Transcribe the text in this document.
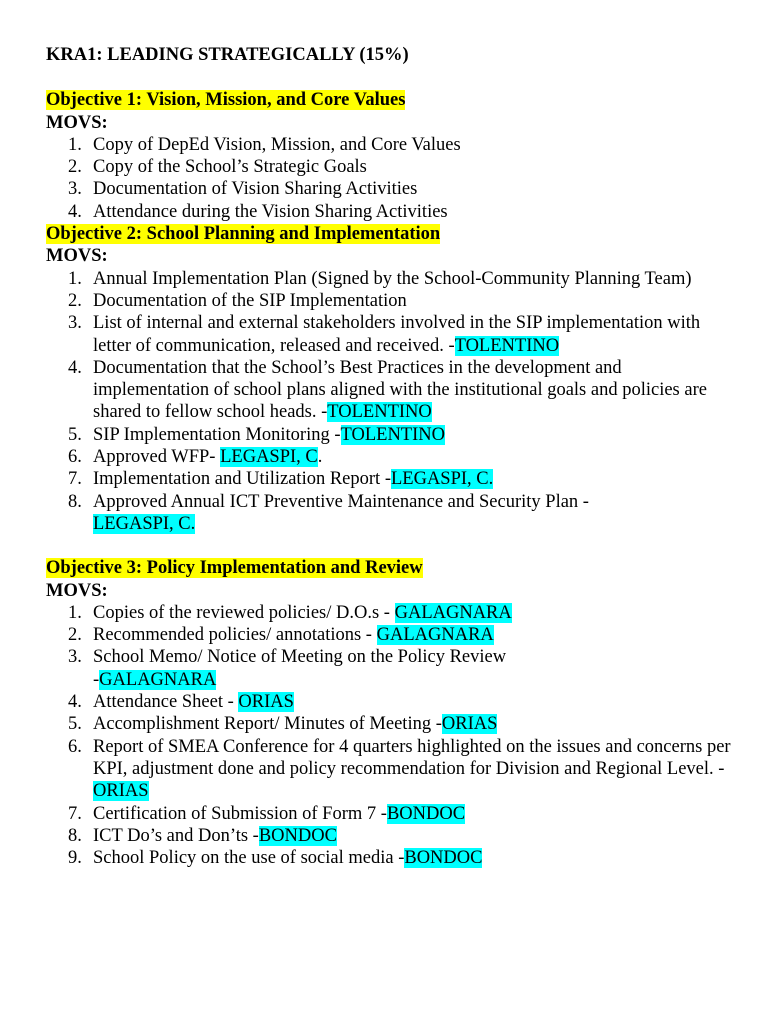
KRA1: LEADING STRATEGICALLY (15%)
Objective 1: Vision, Mission, and Core Values
MOVS:
1. Copy of DepEd Vision, Mission, and Core Values
2. Copy of the School’s Strategic Goals
3. Documentation of Vision Sharing Activities
4. Attendance during the Vision Sharing Activities
Objective 2: School Planning and Implementation
MOVS:
1. Annual Implementation Plan (Signed by the School-Community Planning Team)
2. Documentation of the SIP Implementation
3. List of internal and external stakeholders involved in the SIP implementation with letter of communication, released and received. -TOLENTINO
4. Documentation that the School’s Best Practices in the development and implementation of school plans aligned with the institutional goals and policies are shared to fellow school heads. -TOLENTINO
5. SIP Implementation Monitoring -TOLENTINO
6. Approved WFP- LEGASPI, C.
7. Implementation and Utilization Report -LEGASPI, C.
8. Approved Annual ICT Preventive Maintenance and Security Plan -
LEGASPI, C.
Objective 3: Policy Implementation and Review
MOVS:
1. Copies of the reviewed policies/ D.O.s - GALAGNARA
2. Recommended policies/ annotations - GALAGNARA
3. School Memo/ Notice of Meeting on the Policy Review
-GALAGNARA
4. Attendance Sheet - ORIAS
5. Accomplishment Report/ Minutes of Meeting -ORIAS
6. Report of SMEA Conference for 4 quarters highlighted on the issues and concerns per KPI, adjustment done and policy recommendation for Division and Regional Level. -ORIAS
7. Certification of Submission of Form 7 -BONDOC
8. ICT Do’s and Don’ts -BONDOC
9. School Policy on the use of social media -BONDOC
